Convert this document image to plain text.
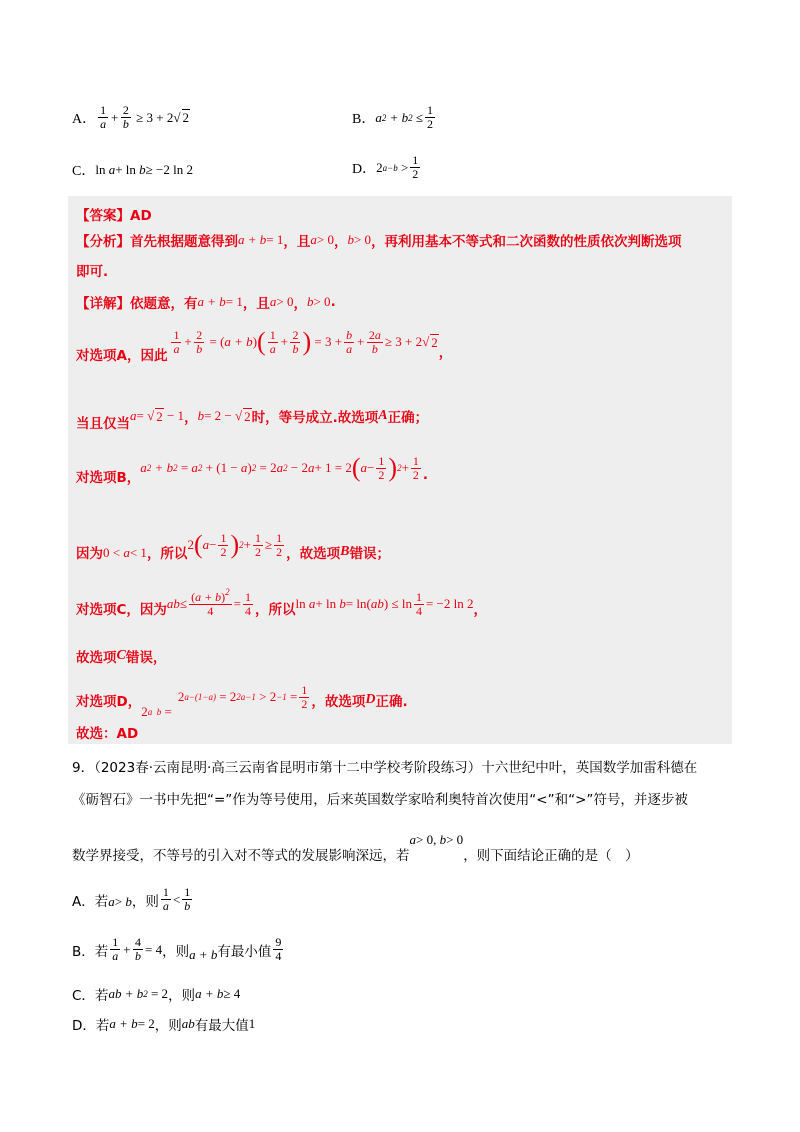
A． $\frac{1}{a} + \frac{2}{b} \ge 3 + 2$ √ 2	B． a 2 + b 2
≤ $\frac{1}{2}$
C． ln a + ln b ≥ −2 ln 2	D． 2 a−b
> $\frac{1}{2}$
【答案】AD
【分析】首先根据题意得到 a + b = 1 ，且 a > 0 ， b > 0 ，再利用基本不等式和二次函数的性质依次判断选项
即可.
【详解】依题意，有 a + b = 1 ，且 a > 0 ， b > 0 .
对选项A，因此
$\frac{1}{a} + \frac{2}{b}$ = ( a + b ) ( $\frac{1}{a} + \frac{2}{b}$ ) = $3 + \frac{b}{a} + \frac{2a}{b} \ge 3 + 2√$ 2
，
当且仅当
a = √ 2 − 1 ， b = 2 − √ 2 时，等号成立.故选项 A 正确；
对选项B，
a 2 + b 2
= a 2
+ (1 − a ) 2
= 2 a 2
− 2 a + 1 = 2 ( $a - \frac{1}{2}$ ) $2 + \frac{1}{2}$ .
因为 0 < a < 1 ，所以
2 ( $a - \frac{1}{2}$ ) $2 + \frac{1}{2} \ge \frac{1}{2}$ ，故选项 B 错误；
对选项C，因为 ab ≤ $\frac{(a + b)^2}{4} = \frac{1}{4}$ ，所以 ln a + ln b = ln( ab ) ≤ $\ln \frac{1}{4} = -2$ ln 2 ，
故选项 C 错误，
对选项D，
2 a  b
=
2 a−(1−a)
= 2 2a−1
> 2 −1
= $\frac{1}{2}$ ，故选项 D 正确.
故选：AD
9．（2023春·云南昆明·高三云南省昆明市第十二中学校考阶段练习）十六世纪中叶，英国数学加雷科德在
《砺智石》一书中先把“=”作为等号使用，后来英国数学家哈利奥特首次使用“<”和“>”符号，并逐步被
数学界接受，不等号的引入对不等式的发展影响深远，若
a > 0, b > 0
，则下面结论正确的是（　）
A． 若 a > b ，则 $\frac{1}{a} < \frac{1}{b}$
B． 若 $\frac{1}{a} + \frac{4}{b} = 4$ ，则 a + b 有最小值 $\frac{9}{4}$
C． 若 ab + b 2
= 2 ，则 a + b ≥ 4
D． 若 a + b = 2 ，则 ab 有最大值 1
